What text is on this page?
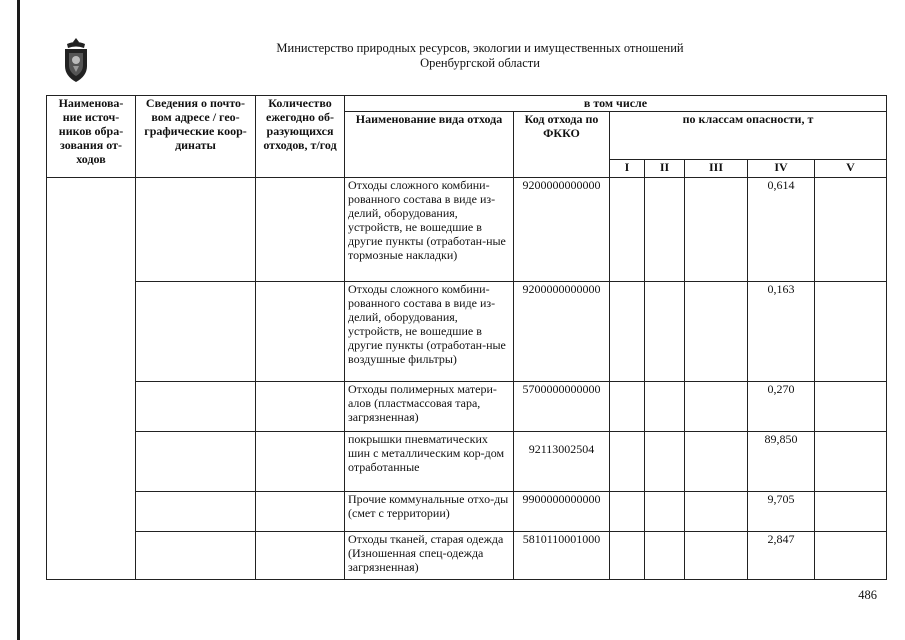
Министерство природных ресурсов, экологии и имущественных отношений
Оренбургской области
Наименова-ние источ-ников обра-зования от-ходов	Сведения о почто-вом адресе / гео-графические коор-динаты	Количество ежегодно об-разующихся отходов, т/год	в том числе						
			Наименование вида отхода	Код отхода по ФККО	по классам опасности, т				
					I	II	III	IV	V
			Отходы сложного комбини-рованного состава в виде из-делий, оборудования, устройств, не вошедшие в другие пункты (отработан-ные тормозные накладки)	9200000000000				0,614	
			Отходы сложного комбини-рованного состава в виде из-делий, оборудования, устройств, не вошедшие в другие пункты (отработан-ные воздушные фильтры)	9200000000000				0,163	
			Отходы полимерных матери-алов (пластмассовая тара, загрязненная)	5700000000000				0,270	
			покрышки пневматических шин с металлическим кор-дом отработанные	92113002504				89,850	
			Прочие коммунальные отхо-ды (смет с территории)	9900000000000				9,705	
			Отходы тканей, старая одежда (Изношенная спец-одежда загрязненная)	5810110001000				2,847	
486
